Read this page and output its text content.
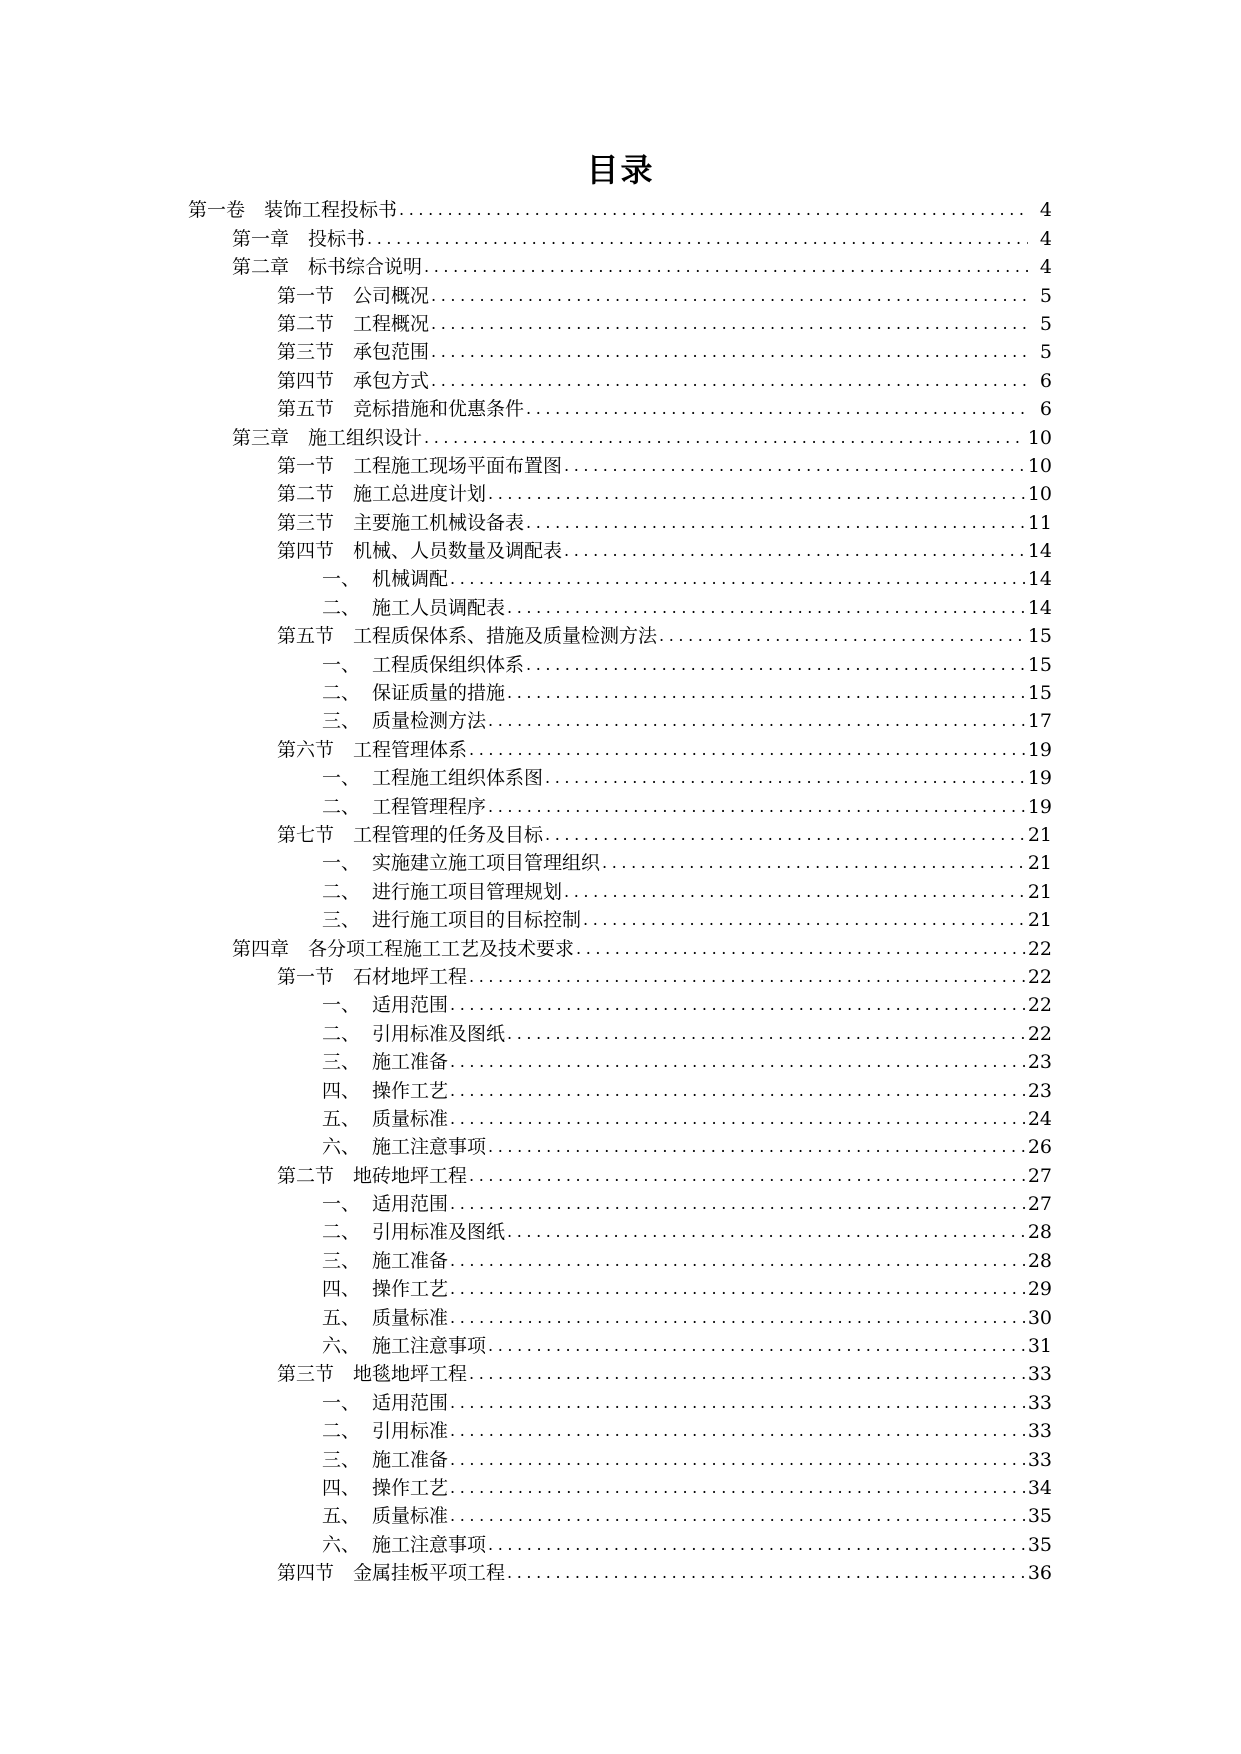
目录
第一卷 装饰工程投标书 .....	4
第一章 投标书 .....	4
第二章 标书综合说明 .....	4
第一节 公司概况 .....	5
第二节 工程概况 .....	5
第三节 承包范围 .....	5
第四节 承包方式 .....	6
第五节 竞标措施和优惠条件 .....	6
第三章 施工组织设计 .....	10
第一节 工程施工现场平面布置图 .....	10
第二节 施工总进度计划 .....	10
第三节 主要施工机械设备表 .....	11
第四节 机械、人员数量及调配表 .....	14
一、 机械调配 .....	14
二、 施工人员调配表 .....	14
第五节 工程质保体系、措施及质量检测方法 .....	15
一、 工程质保组织体系 .....	15
二、 保证质量的措施 .....	15
三、 质量检测方法 .....	17
第六节 工程管理体系 .....	19
一、 工程施工组织体系图 .....	19
二、 工程管理程序 .....	19
第七节 工程管理的任务及目标 .....	21
一、 实施建立施工项目管理组织 .....	21
二、 进行施工项目管理规划 .....	21
三、 进行施工项目的目标控制 .....	21
第四章 各分项工程施工工艺及技术要求 .....	22
第一节 石材地坪工程 .....	22
一、 适用范围 .....	22
二、 引用标准及图纸 .....	22
三、 施工准备 .....	23
四、 操作工艺 .....	23
五、 质量标准 .....	24
六、 施工注意事项 .....	26
第二节 地砖地坪工程 .....	27
一、 适用范围 .....	27
二、 引用标准及图纸 .....	28
三、 施工准备 .....	28
四、 操作工艺 .....	29
五、 质量标准 .....	30
六、 施工注意事项 .....	31
第三节 地毯地坪工程 .....	33
一、 适用范围 .....	33
二、 引用标准 .....	33
三、 施工准备 .....	33
四、 操作工艺 .....	34
五、 质量标准 .....	35
六、 施工注意事项 .....	35
第四节 金属挂板平项工程 .....	36
